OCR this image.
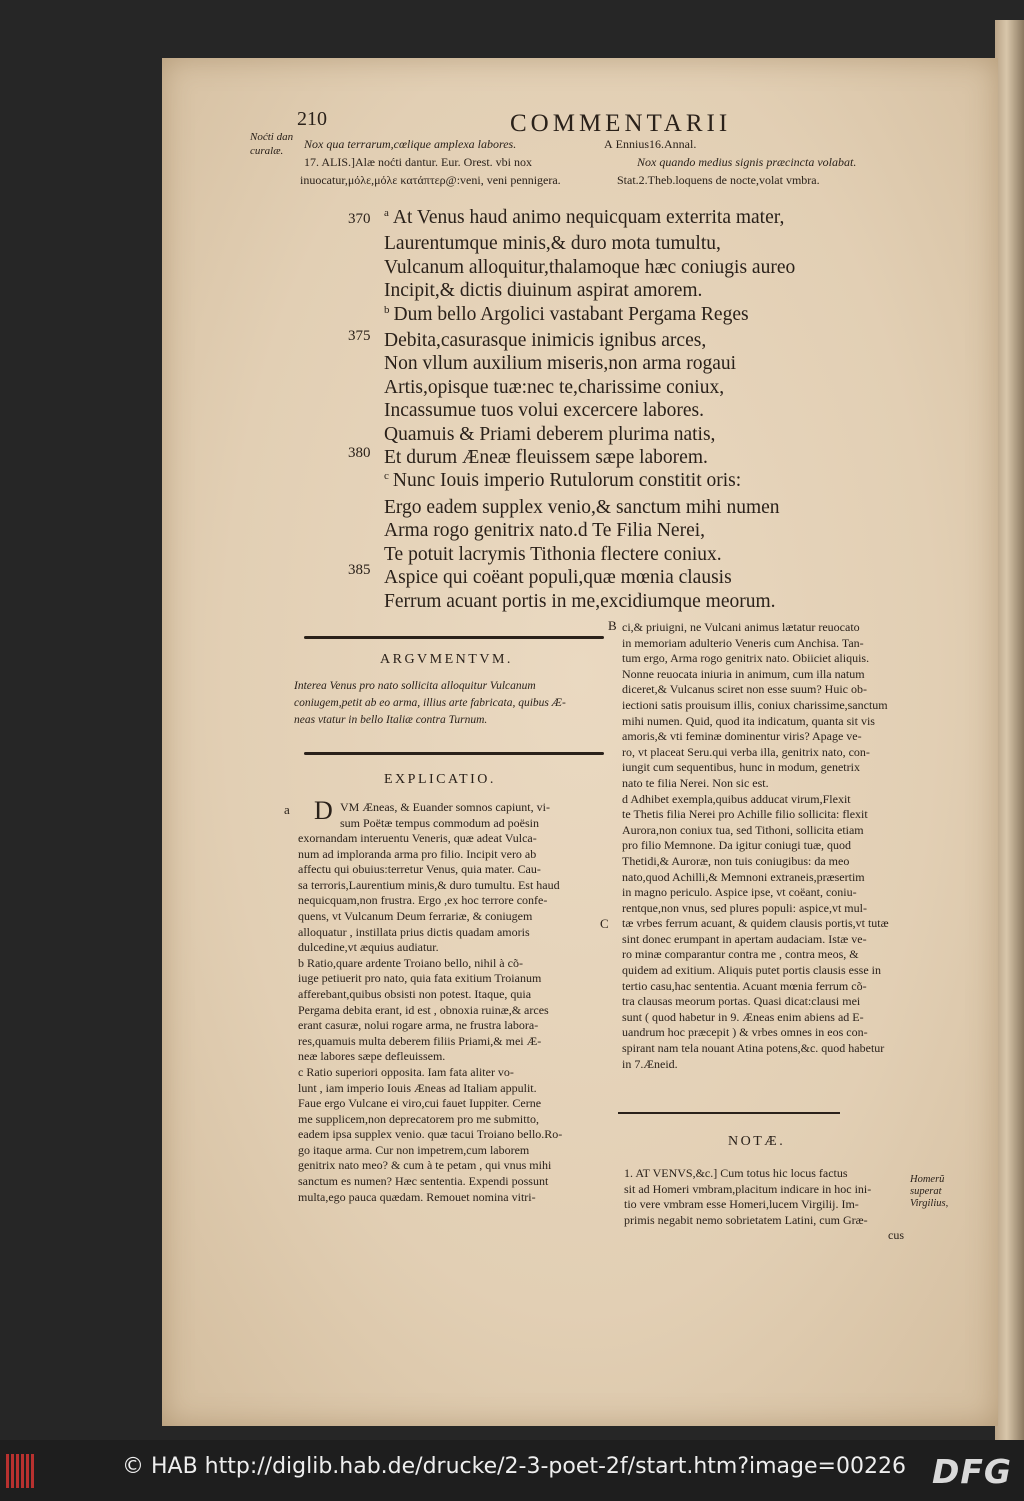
210	COMMENTARII
Noćti dan
curalæ.	Nox qua terrarum,cœlique amplexa labores.	A Ennius16.Annal.
17. ALIS.]Alæ noćti dantur. Eur. Orest. vbi nox	Nox quando medius signis præcincta volabat.
inuocatur,μόλε,μόλε κατάπτερ@:veni, veni pennigera.	Stat.2.Theb.loquens de nocte,volat vmbra.
370
375
380
385
$^a$ At Venus haud animo nequicquam exterrita mater,
Laurentumque minis,& duro mota tumultu,
Vulcanum alloquitur,thalamoque hæc coniugis aureo
Incipit,& dictis diuinum aspirat amorem.
$^b$ Dum bello Argolici vastabant Pergama Reges
Debita,casurasque inimicis ignibus arces,
Non vllum auxilium miseris,non arma rogaui
Artis,opisque tuæ:nec te,charissime coniux,
Incassumue tuos volui excercere labores.
Quamuis & Priami deberem plurima natis,
Et durum Æneæ fleuissem sæpe laborem.
$^c$ Nunc Iouis imperio Rutulorum constitit oris:
Ergo eadem supplex venio,& sanctum mihi numen
Arma rogo genitrix nato.d Te Filia Nerei,
Te potuit lacrymis Tithonia flectere coniux.
Aspice qui coëant populi,quæ mœnia clausis
Ferrum acuant portis in me,excidiumque meorum.
ARGVMENTVM.
Interea Venus pro nato sollicita alloquitur Vulcanum
coniugem,petit ab eo arma, illius arte fabricata, quibus Æ-
neas vtatur in bello Italiæ contra Turnum.
EXPLICATIO.
a D VM Æneas, & Euander somnos capiunt, vi-
sum Poëtæ tempus commodum ad poësin
exornandam interuentu Veneris, quæ adeat Vulca-
num ad imploranda arma pro filio. Incipit vero ab
affectu qui obuius:terretur Venus, quia mater. Cau-
sa terroris,Laurentium minis,& duro tumultu. Est haud
nequicquam,non frustra. Ergo ,ex hoc terrore confe-
quens, vt Vulcanum Deum ferrariæ, & coniugem
alloquatur , instillata prius dictis quadam amoris
dulcedine,vt æquius audiatur.
b Ratio,quare ardente Troiano bello, nihil à cõ-
iuge petiuerit pro nato, quia fata exitium Troianum
afferebant,quibus obsisti non potest. Itaque, quia
Pergama debita erant, id est , obnoxia ruinæ,& arces
erant casuræ, nolui rogare arma, ne frustra labora-
res,quamuis multa deberem filiis Priami,& mei Æ-
neæ labores sæpe defleuissem.
c Ratio superiori opposita. Iam fata aliter vo-
lunt , iam imperio Iouis Æneas ad Italiam appulit.
Faue ergo Vulcane ei viro,cui fauet Iuppiter. Cerne
me supplicem,non deprecatorem pro me submitto,
eadem ipsa supplex venio. quæ tacui Troiano bello.Ro-
go itaque arma. Cur non impetrem,cum laborem
genitrix nato meo? & cum à te petam , qui vnus mihi
sanctum es numen? Hæc sententia. Expendi possunt
multa,ego pauca quædam. Remouet nomina vitri-
B ci,& priuigni, ne Vulcani animus lætatur reuocato
in memoriam adulterio Veneris cum Anchisa. Tan-
tum ergo, Arma rogo genitrix nato. Obiiciet aliquis.
Nonne reuocata iniuria in animum, cum illa natum
diceret,& Vulcanus sciret non esse suum? Huic ob-
iectioni satis prouisum illis, coniux charissime,sanctum
mihi numen. Quid, quod ita indicatum, quanta sit vis
amoris,& vti feminæ dominentur viris? Apage ve-
ro, vt placeat Seru.qui verba illa, genitrix nato, con-
iungit cum sequentibus, hunc in modum, genetrix
nato te filia Nerei. Non sic est.
d Adhibet exempla,quibus adducat virum,Flexit
te Thetis filia Nerei pro Achille filio sollicita: flexit
Aurora,non coniux tua, sed Tithoni, sollicita etiam
pro filio Memnone. Da igitur coniugi tuæ, quod
Thetidi,& Auroræ, non tuis coniugibus: da meo
nato,quod Achilli,& Memnoni extraneis,præsertim
in magno periculo. Aspice ipse, vt coëant, coniu-
rentque,non vnus, sed plures populi: aspice,vt mul-
tæ vrbes ferrum acuant, & quidem clausis portis,vt tutæ
sint donec erumpant in apertam audaciam. Istæ ve-
ro minæ comparantur contra me , contra meos, &
quidem ad exitium. Aliquis putet portis clausis esse in
tertio casu,hac sententia. Acuant mœnia ferrum cõ-
tra clausas meorum portas. Quasi dicat:clausi mei
sunt ( quod habetur in 9. Æneas enim abiens ad E-
uandrum hoc præcepit ) & vrbes omnes in eos con-
spirant nam tela nouant Atina potens,&c. quod habetur
in 7.Æneid.
C
NOTÆ.
1. AT VENVS,&c.] Cum totus hic locus factus
sit ad Homeri vmbram,placitum indicare in hoc ini-
tio vere vmbram esse Homeri,lucem Virgilij. Im-
primis negabit nemo sobrietatem Latini, cum Græ-
cus
Homerũ
superat
Virgilius,
© HAB http://diglib.hab.de/drucke/2-3-poet-2f/start.htm?image=00226 DFG
